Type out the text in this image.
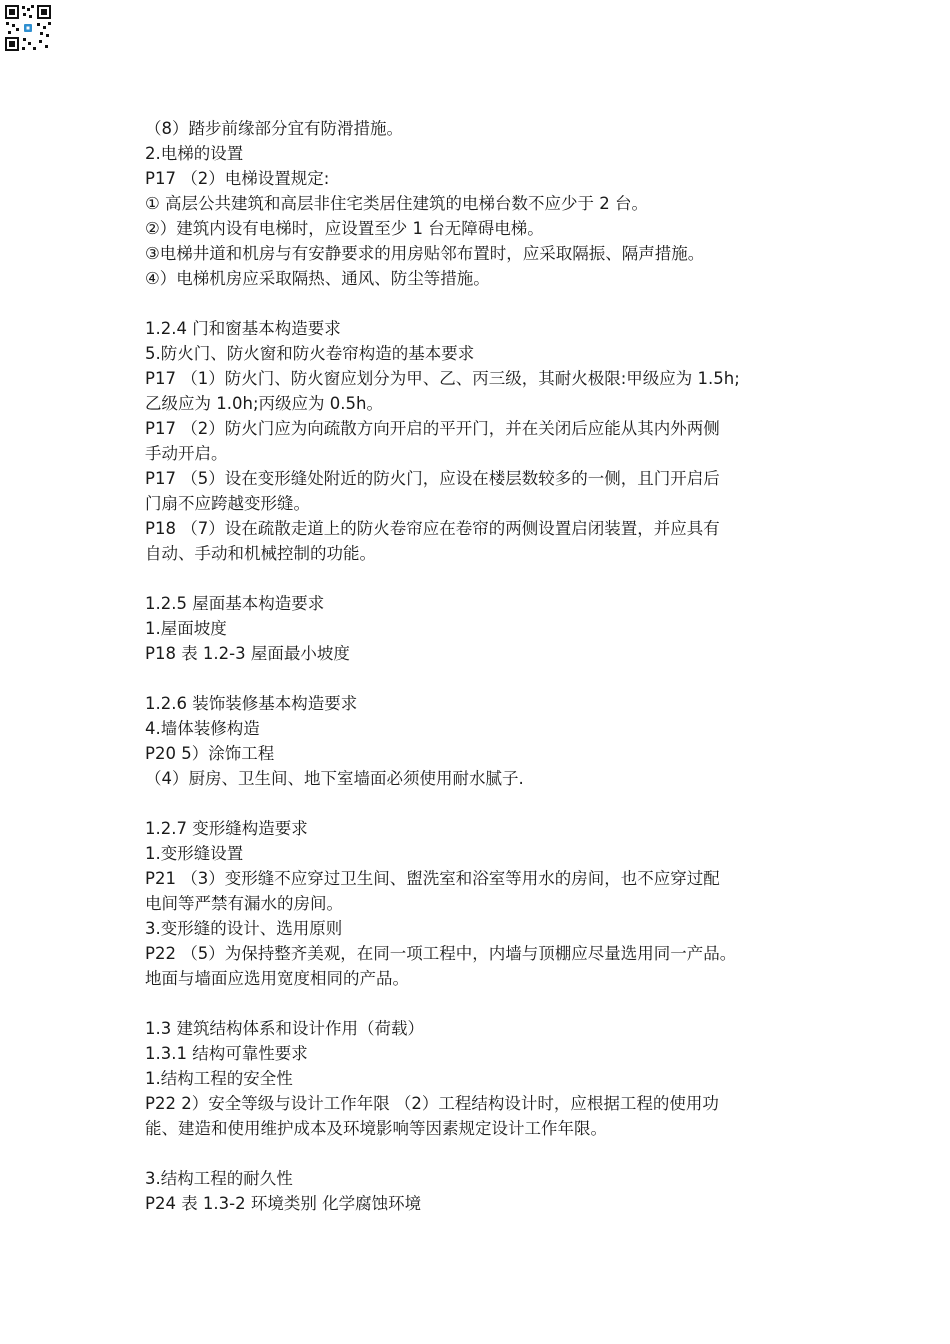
（8）踏步前缘部分宜有防滑措施。
2.电梯的设置
P17 （2）电梯设置规定:
① 高层公共建筑和高层非住宅类居住建筑的电梯台数不应少于 2 台。
②）建筑内设有电梯时，应设置至少 1 台无障碍电梯。
③电梯井道和机房与有安静要求的用房贴邻布置时，应采取隔振、隔声措施。
④）电梯机房应采取隔热、通风、防尘等措施。
1.2.4 门和窗基本构造要求
5.防火门、防火窗和防火卷帘构造的基本要求
P17 （1）防火门、防火窗应划分为甲、乙、丙三级，其耐火极限:甲级应为 1.5h;
乙级应为 1.0h;丙级应为 0.5h。
P17 （2）防火门应为向疏散方向开启的平开门，并在关闭后应能从其内外两侧
手动开启。
P17 （5）设在变形缝处附近的防火门，应设在楼层数较多的一侧，且门开启后
门扇不应跨越变形缝。
P18 （7）设在疏散走道上的防火卷帘应在卷帘的两侧设置启闭装置，并应具有
自动、手动和机械控制的功能。
1.2.5 屋面基本构造要求
1.屋面坡度
P18 表 1.2-3 屋面最小坡度
1.2.6 装饰装修基本构造要求
4.墙体装修构造
P20 5）涂饰工程
（4）厨房、卫生间、地下室墙面必须使用耐水腻子.
1.2.7 变形缝构造要求
1.变形缝设置
P21 （3）变形缝不应穿过卫生间、盥洗室和浴室等用水的房间，也不应穿过配
电间等严禁有漏水的房间。
3.变形缝的设计、选用原则
P22 （5）为保持整齐美观，在同一项工程中，内墙与顶棚应尽量选用同一产品。
地面与墙面应选用宽度相同的产品。
1.3 建筑结构体系和设计作用（荷载）
1.3.1 结构可靠性要求
1.结构工程的安全性
P22 2）安全等级与设计工作年限 （2）工程结构设计时，应根据工程的使用功
能、建造和使用维护成本及环境影响等因素规定设计工作年限。
3.结构工程的耐久性
P24 表 1.3-2 环境类别 化学腐蚀环境
